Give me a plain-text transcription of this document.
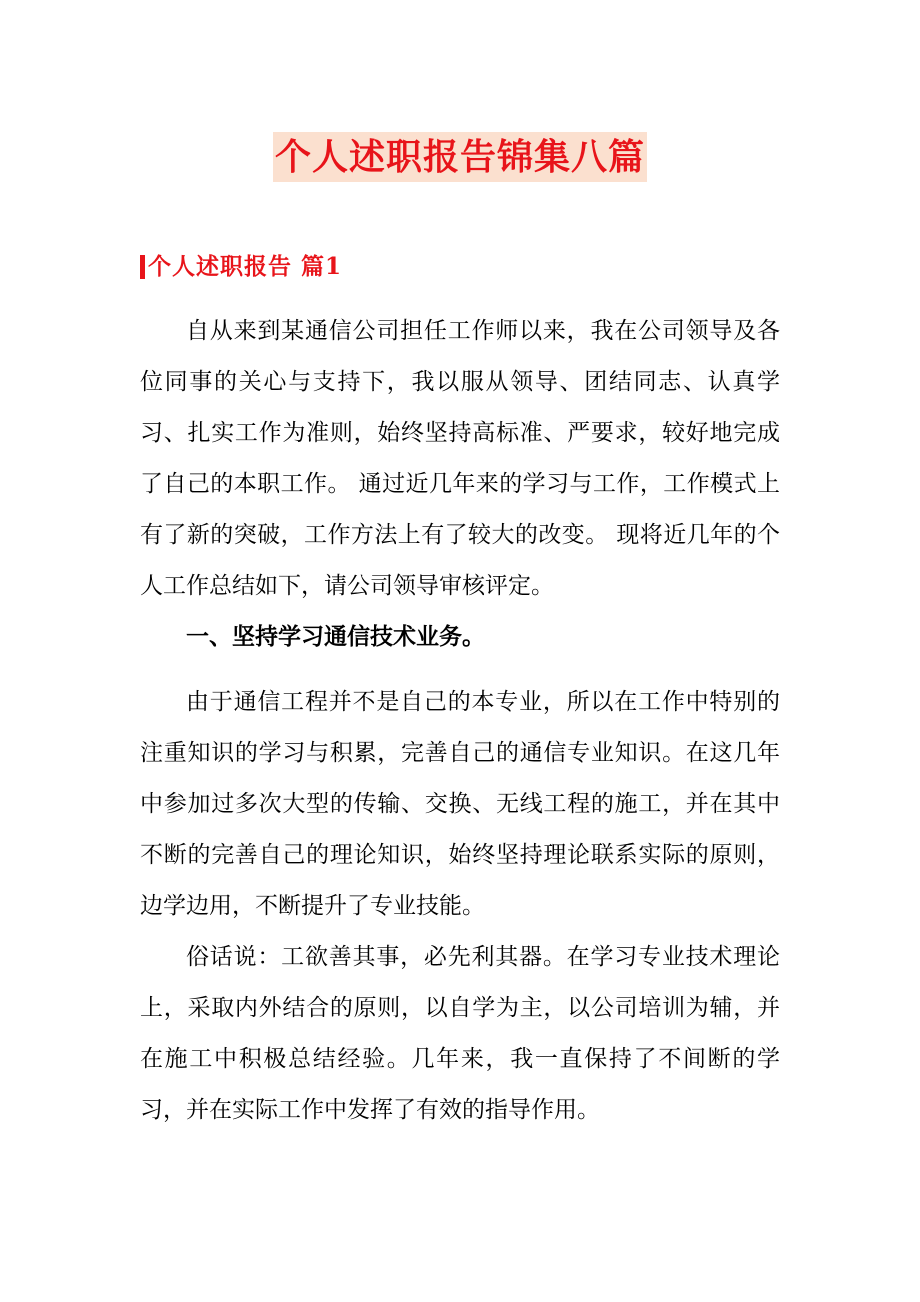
个人述职报告锦集八篇
个人述职报告 篇1

自从来到某通信公司担任工作师以来，我在公司领导及各位同事的关心与支持下，我以服从领导、团结同志、认真学习、扎实工作为准则，始终坚持高标准、严要求，较好地完成了自己的本职工作。 通过近几年来的学习与工作，工作模式上有了新的突破，工作方法上有了较大的改变。 现将近几年的个人工作总结如下，请公司领导审核评定。

一、坚持学习通信技术业务。

由于通信工程并不是自己的本专业，所以在工作中特别的注重知识的学习与积累，完善自己的通信专业知识。在这几年中参加过多次大型的传输、交换、无线工程的施工，并在其中不断的完善自己的理论知识，始终坚持理论联系实际的原则，边学边用，不断提升了专业技能。

俗话说：工欲善其事，必先利其器。在学习专业技术理论上，采取内外结合的原则，以自学为主，以公司培训为辅，并在施工中积极总结经验。几年来，我一直保持了不间断的学习，并在实际工作中发挥了有效的指导作用。
